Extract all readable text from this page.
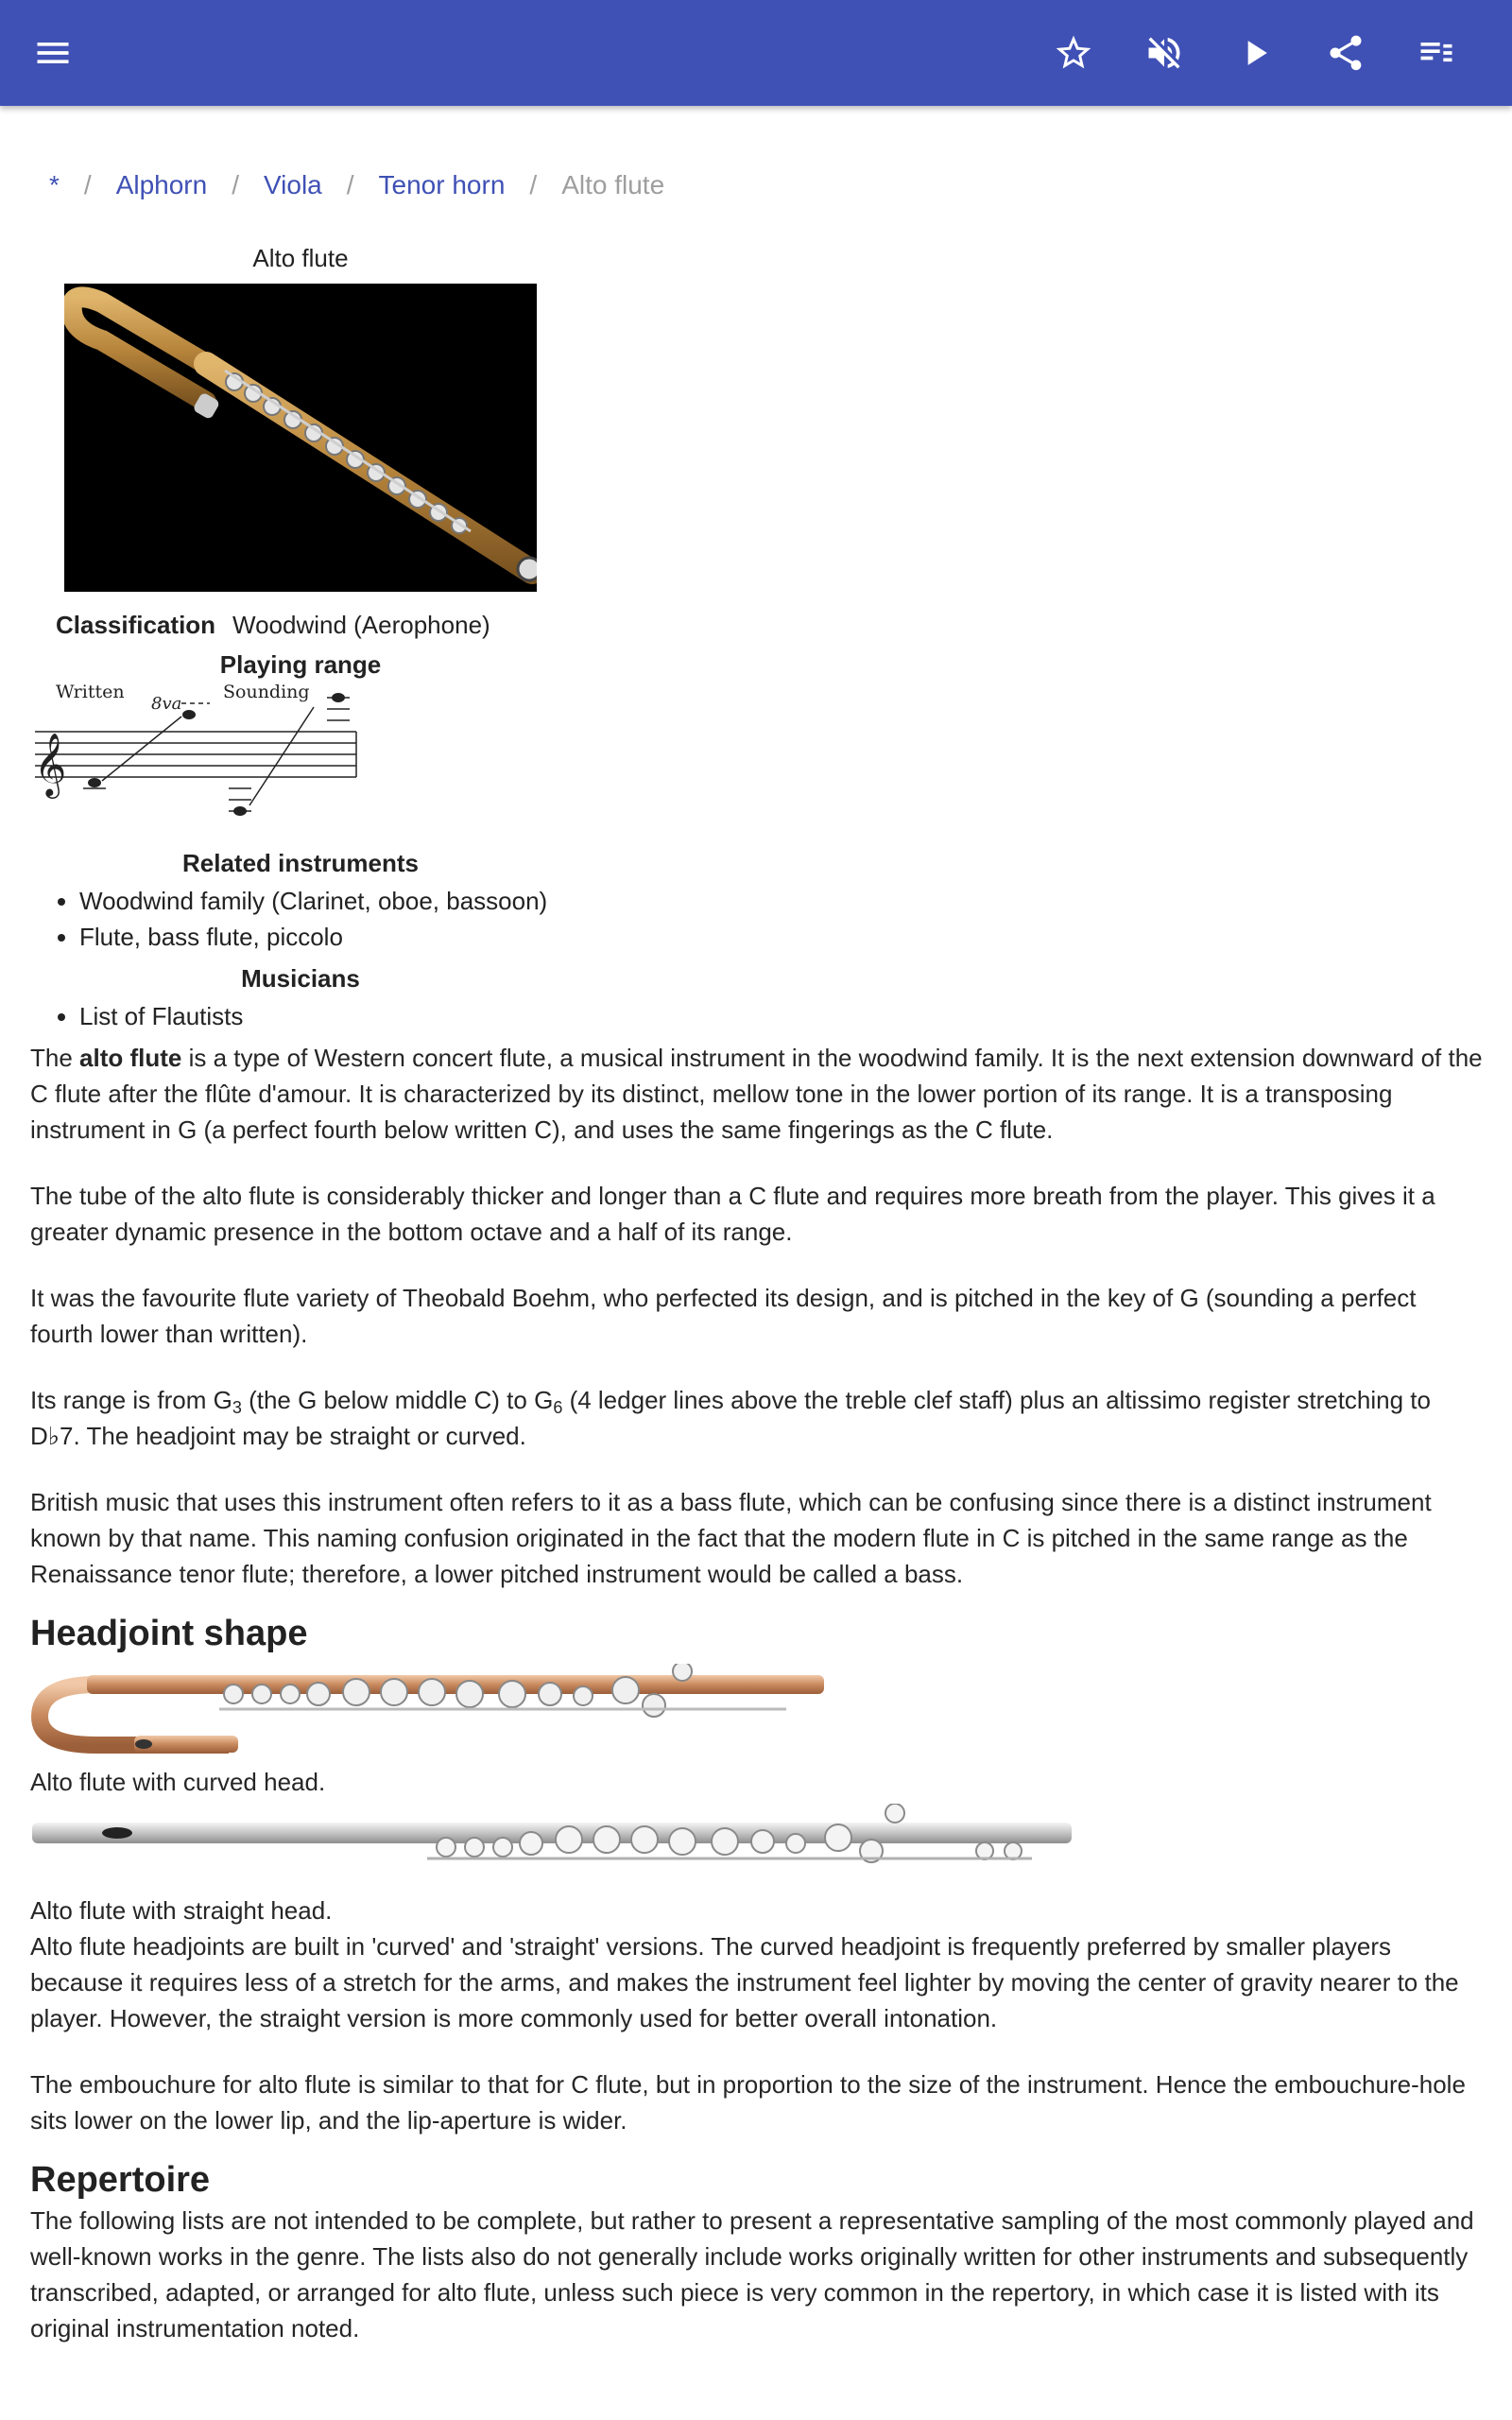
* / Alphorn / Viola / Tenor horn / Alto flute
Alto flute
Classification Woodwind (Aerophone)
Playing range
Written	Sounding
8va
𝄞
Related instruments
• Woodwind family (Clarinet, oboe, bassoon)
• Flute, bass flute, piccolo
Musicians
• List of Flautists

The alto flute is a type of Western concert flute, a musical instrument in the woodwind family. It is the next extension downward of the C flute after the flûte d'amour. It is characterized by its distinct, mellow tone in the lower portion of its range. It is a transposing instrument in G (a perfect fourth below written C), and uses the same fingerings as the C flute.

The tube of the alto flute is considerably thicker and longer than a C flute and requires more breath from the player. This gives it a greater dynamic presence in the bottom octave and a half of its range.

It was the favourite flute variety of Theobald Boehm, who perfected its design, and is pitched in the key of G (sounding a perfect fourth lower than written).

Its range is from $G_3$ (the G below middle C) to $G_6$ (4 ledger lines above the treble clef staff) plus an altissimo register stretching to D♭7. The headjoint may be straight or curved.

British music that uses this instrument often refers to it as a bass flute, which can be confusing since there is a distinct instrument known by that name. This naming confusion originated in the fact that the modern flute in C is pitched in the same range as the Renaissance tenor flute; therefore, a lower pitched instrument would be called a bass.

Headjoint shape
Alto flute with curved head.
Alto flute with straight head.

Alto flute headjoints are built in 'curved' and 'straight' versions. The curved headjoint is frequently preferred by smaller players because it requires less of a stretch for the arms, and makes the instrument feel lighter by moving the center of gravity nearer to the player. However, the straight version is more commonly used for better overall intonation.

The embouchure for alto flute is similar to that for C flute, but in proportion to the size of the instrument. Hence the embouchure-hole sits lower on the lower lip, and the lip-aperture is wider.

Repertoire

The following lists are not intended to be complete, but rather to present a representative sampling of the most commonly played and well-known works in the genre. The lists also do not generally include works originally written for other instruments and subsequently transcribed, adapted, or arranged for alto flute, unless such piece is very common in the repertory, in which case it is listed with its original instrumentation noted.
